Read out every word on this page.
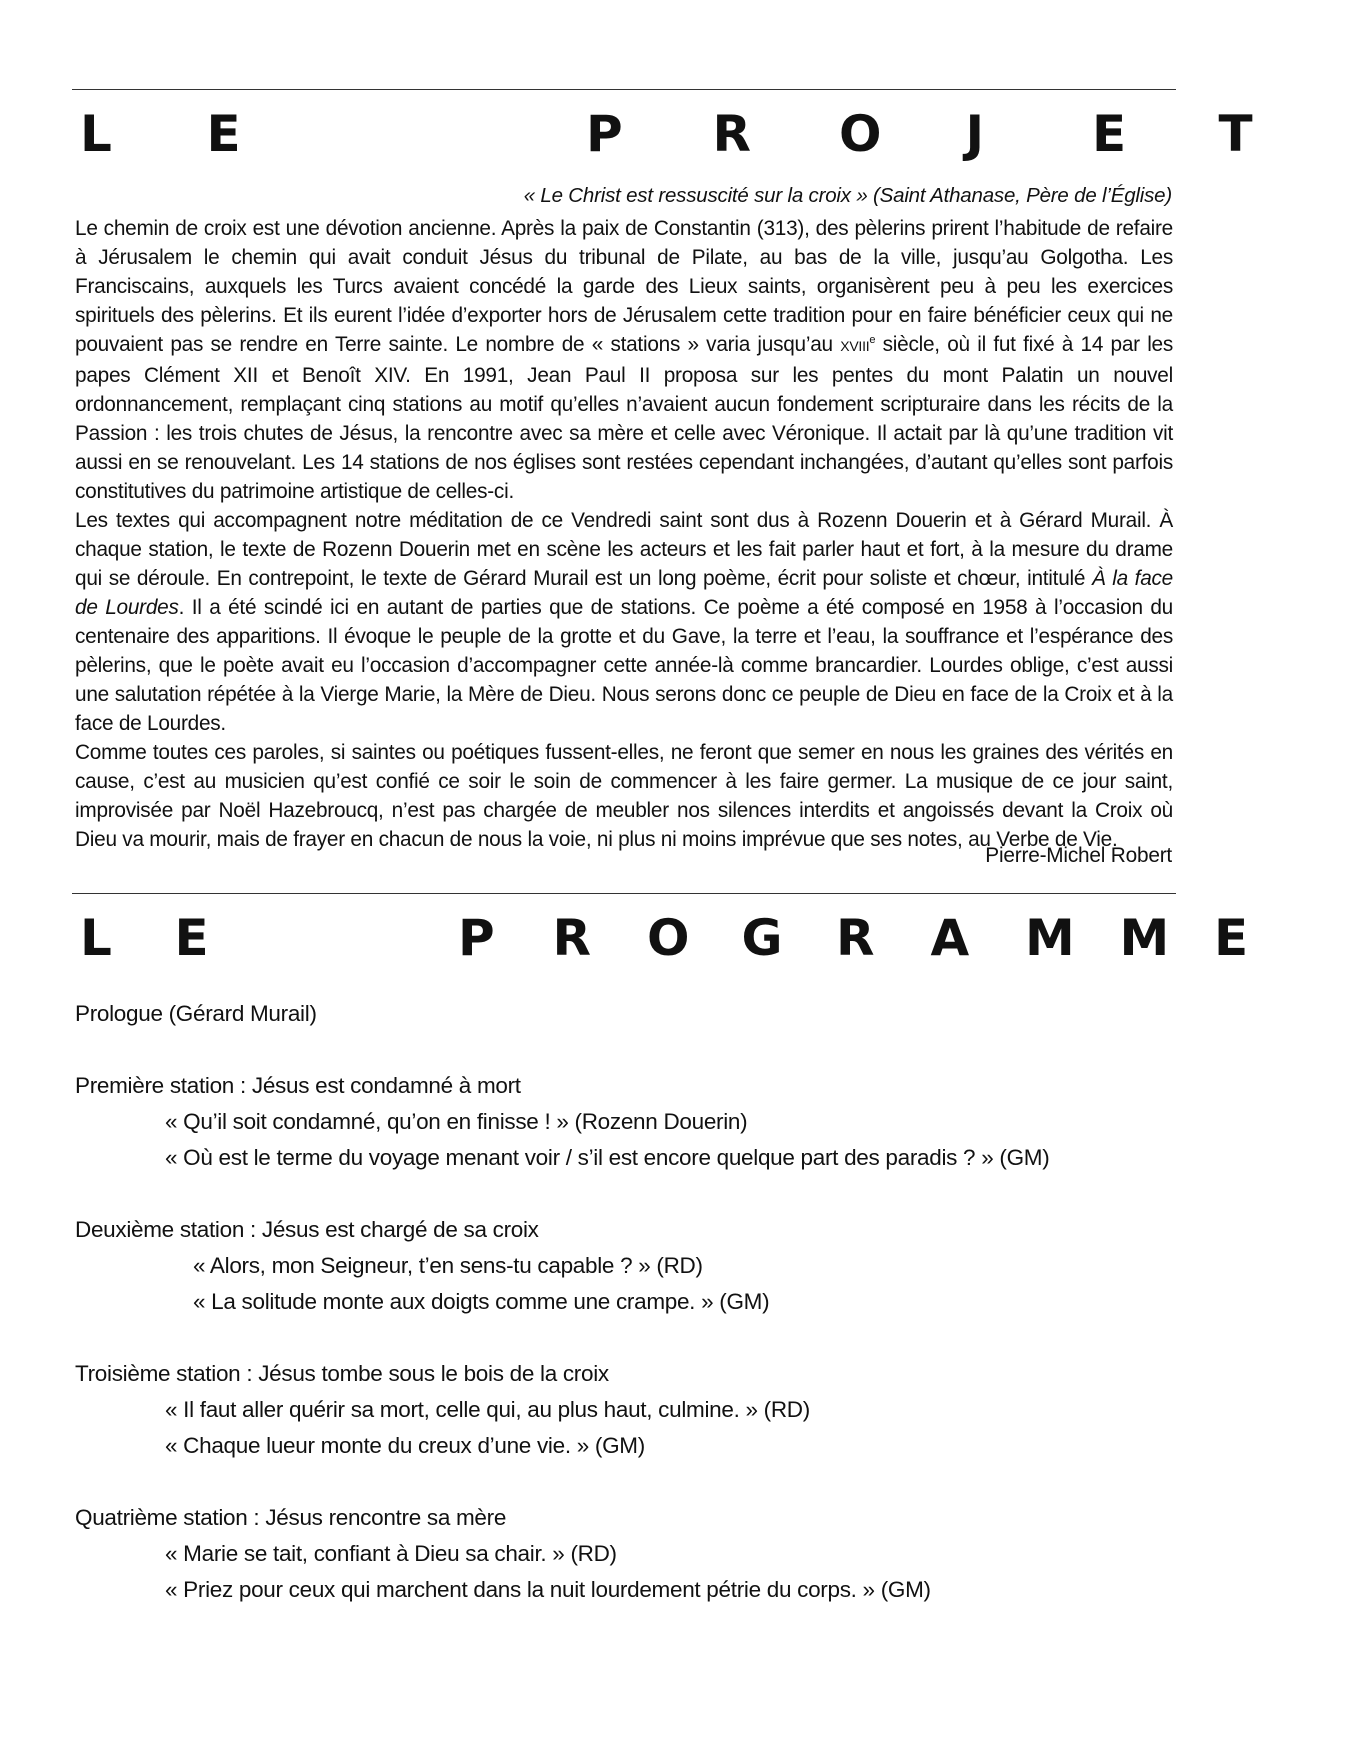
L	E	P	R	O	J	E	T
« Le Christ est ressuscité sur la croix » (Saint Athanase, Père de l’Église)

Le chemin de croix est une dévotion ancienne. Après la paix de Constantin (313), des pèlerins prirent l’habitude de refaire à Jérusalem le chemin qui avait conduit Jésus du tribunal de Pilate, au bas de la ville, jusqu’au Golgotha. Les Franciscains, auxquels les Turcs avaient concédé la garde des Lieux saints, organisèrent peu à peu les exercices spirituels des pèlerins. Et ils eurent l’idée d’exporter hors de Jérusalem cette tradition pour en faire bénéficier ceux qui ne pouvaient pas se rendre en Terre sainte. Le nombre de « stations » varia jusqu’au XVIIIe siècle, où il fut fixé à 14 par les papes Clément XII et Benoît XIV. En 1991, Jean Paul II proposa sur les pentes du mont Palatin un nouvel ordonnancement, remplaçant cinq stations au motif qu’elles n’avaient aucun fondement scripturaire dans les récits de la Passion : les trois chutes de Jésus, la rencontre avec sa mère et celle avec Véronique. Il actait par là qu’une tradition vit aussi en se renouvelant. Les 14 stations de nos églises sont restées cependant inchangées, d’autant qu’elles sont parfois constitutives du patrimoine artistique de celles-ci.

Les textes qui accompagnent notre méditation de ce Vendredi saint sont dus à Rozenn Douerin et à Gérard Murail. À chaque station, le texte de Rozenn Douerin met en scène les acteurs et les fait parler haut et fort, à la mesure du drame qui se déroule. En contrepoint, le texte de Gérard Murail est un long poème, écrit pour soliste et chœur, intitulé À la face de Lourdes. Il a été scindé ici en autant de parties que de stations. Ce poème a été composé en 1958 à l’occasion du centenaire des apparitions. Il évoque le peuple de la grotte et du Gave, la terre et l’eau, la souffrance et l’espérance des pèlerins, que le poète avait eu l’occasion d’accompagner cette année-là comme brancardier. Lourdes oblige, c’est aussi une salutation répétée à la Vierge Marie, la Mère de Dieu. Nous serons donc ce peuple de Dieu en face de la Croix et à la face de Lourdes.

Comme toutes ces paroles, si saintes ou poétiques fussent-elles, ne feront que semer en nous les graines des vérités en cause, c’est au musicien qu’est confié ce soir le soin de commencer à les faire germer. La musique de ce jour saint, improvisée par Noël Hazebroucq, n’est pas chargée de meubler nos silences interdits et angoissés devant la Croix où Dieu va mourir, mais de frayer en chacun de nous la voie, ni plus ni moins imprévue que ses notes, au Verbe de Vie.

Pierre-Michel Robert
L	E	P	R	O	G	R	A	M M E
Prologue (Gérard Murail)
Première station : Jésus est condamné à mort
« Qu’il soit condamné, qu’on en finisse ! » (Rozenn Douerin)
« Où est le terme du voyage menant voir / s’il est encore quelque part des paradis ? » (GM)
Deuxième station : Jésus est chargé de sa croix
« Alors, mon Seigneur, t’en sens-tu capable ? » (RD)
« La solitude monte aux doigts comme une crampe. » (GM)
Troisième station : Jésus tombe sous le bois de la croix
« Il faut aller quérir sa mort, celle qui, au plus haut, culmine. » (RD)
« Chaque lueur monte du creux d’une vie. » (GM)
Quatrième station : Jésus rencontre sa mère
« Marie se tait, confiant à Dieu sa chair. » (RD)
« Priez pour ceux qui marchent dans la nuit lourdement pétrie du corps. » (GM)
